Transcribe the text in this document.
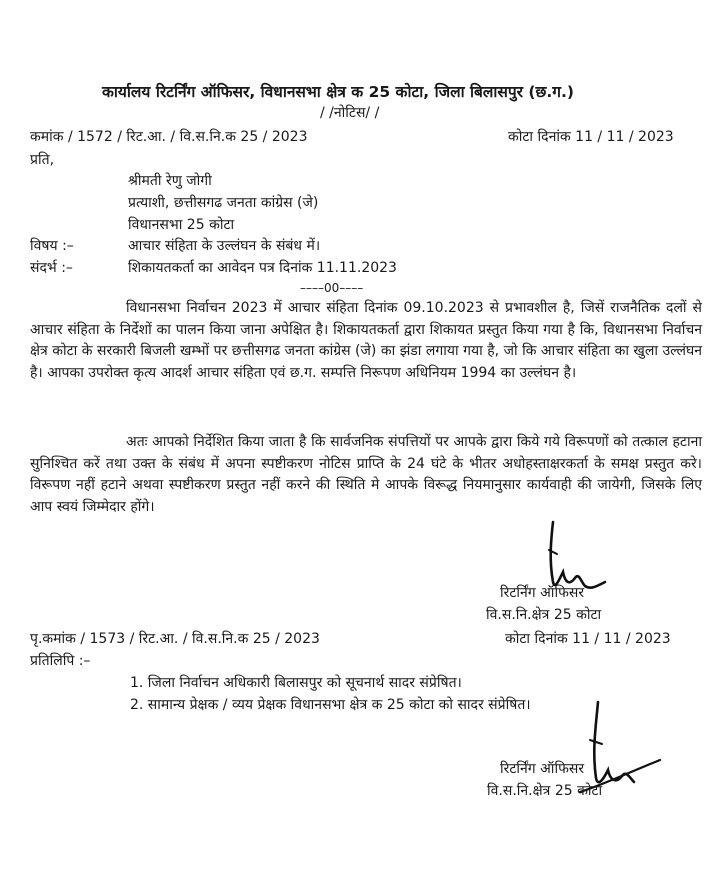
कार्यालय रिटर्निंग ऑफिसर, विधानसभा क्षेत्र क 25 कोटा, जिला बिलासपुर (छ.ग.)
/ /नोटिस/ /
कमांक / 1572 / रिट.आ. / वि.स.नि.क 25 / 2023	कोटा दिनांक 11 / 11 / 2023
प्रति,
श्रीमती रेणु जोगी
प्रत्याशी, छत्तीसगढ जनता कांग्रेस (जे)
विधानसभा 25 कोटा
विषय :–	आचार संहिता के उल्लंघन के संबंध में।
संदर्भ :–	शिकायतकर्ता का आवेदन पत्र दिनांक 11.11.2023
––––00––––
विधानसभा निर्वाचन 2023 में आचार संहिता दिनांक 09.10.2023 से प्रभावशील है, जिसें राजनैतिक दलों से आचार संहिता के निर्देशों का पालन किया जाना अपेक्षित है। शिकायतकर्ता द्वारा शिकायत प्रस्तुत किया गया है कि, विधानसभा निर्वाचन क्षेत्र कोटा के सरकारी बिजली खम्भों पर छत्तीसगढ जनता कांग्रेस (जे) का झंडा लगाया गया है, जो कि आचार संहिता का खुला उल्लंघन है। आपका उपरोक्त कृत्य आदर्श आचार संहिता एवं छ.ग. सम्पत्ति निरूपण अधिनियम 1994 का उल्लंघन है।
अतः आपको निर्देशित किया जाता है कि सार्वजनिक संपत्तियों पर आपके द्वारा किये गये विरूपणों को तत्काल हटाना सुनिश्चित करें तथा उक्त के संबंध में अपना स्पष्टीकरण नोटिस प्राप्ति के 24 घंटे के भीतर अधोहस्ताक्षरकर्ता के समक्ष प्रस्तुत करे। विरूपण नहीं हटाने अथवा स्पष्टीकरण प्रस्तुत नहीं करने की स्थिति मे आपके विरूद्ध नियमानुसार कार्यवाही की जायेगी, जिसके लिए आप स्वयं जिम्मेदार होंगे।
रिटर्निंग ऑफिसर
वि.स.नि.क्षेत्र 25 कोटा
पृ.कमांक / 1573 / रिट.आ. / वि.स.नि.क 25 / 2023	कोटा दिनांक 11 / 11 / 2023
प्रतिलिपि :–
1. जिला निर्वाचन अधिकारी बिलासपुर को सूचनार्थ सादर संप्रेषित।
2. सामान्य प्रेक्षक / व्यय प्रेक्षक विधानसभा क्षेत्र क 25 कोटा को सादर संप्रेषित।
रिटर्निंग ऑफिसर
वि.स.नि.क्षेत्र 25 कोटा
